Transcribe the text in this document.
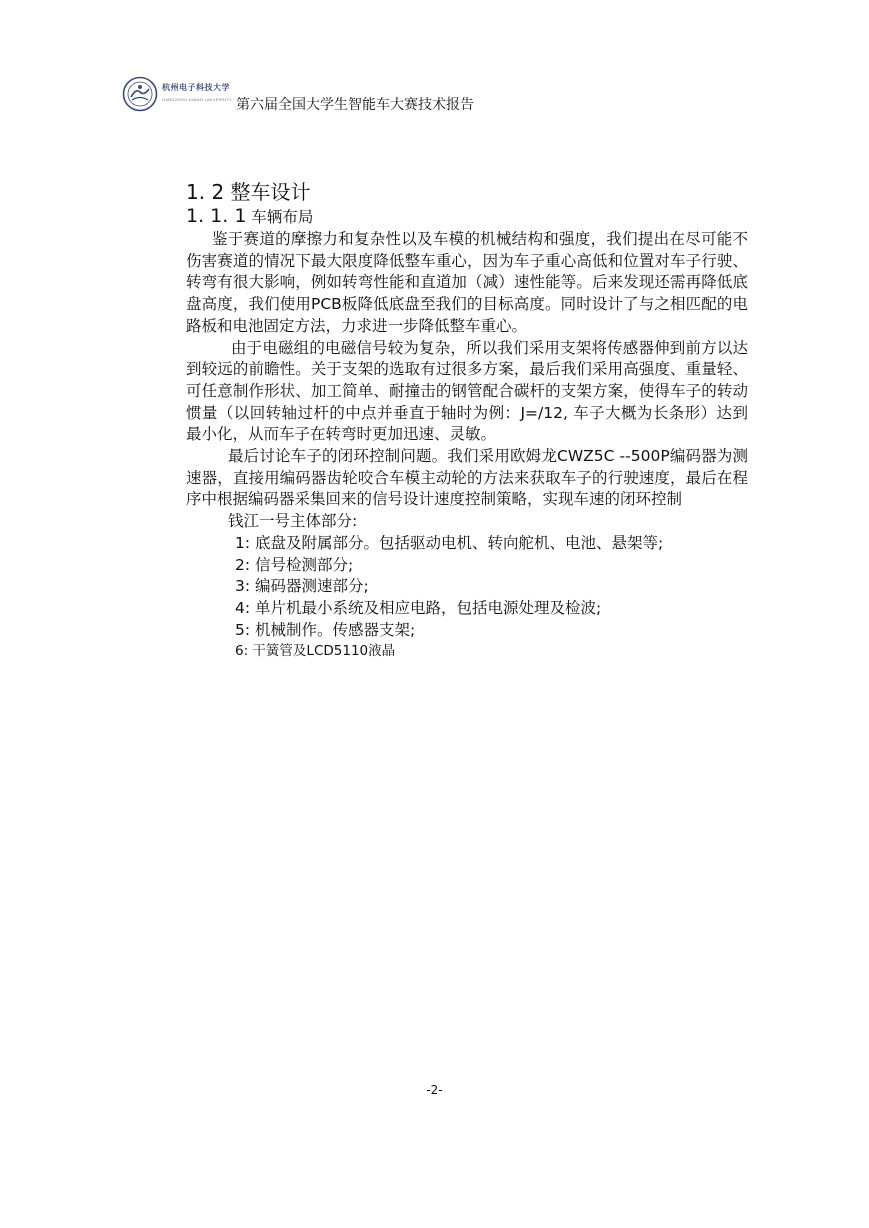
杭州电子科技大学
HANGZHOU DIANZI UNIVERSITY 第六届全国大学生智能车大赛技术报告
1. 2 整车设计
1. 1. 1 车辆布局

鉴于赛道的摩擦力和复杂性以及车模的机械结构和强度，我们提出在尽可能不伤害赛道的情况下最大限度降低整车重心，因为车子重心高低和位置对车子行驶、转弯有很大影响，例如转弯性能和直道加（减）速性能等。后来发现还需再降低底盘高度，我们使用PCB板降低底盘至我们的目标高度。同时设计了与之相匹配的电路板和电池固定方法，力求进一步降低整车重心。

由于电磁组的电磁信号较为复杂，所以我们采用支架将传感器伸到前方以达到较远的前瞻性。关于支架的选取有过很多方案，最后我们采用高强度、重量轻、可任意制作形状、加工简单、耐撞击的钢管配合碳杆的支架方案，使得车子的转动惯量（以回转轴过杆的中点并垂直于轴时为例：J=/12, 车子大概为长条形）达到最小化，从而车子在转弯时更加迅速、灵敏。

最后讨论车子的闭环控制问题。我们采用欧姆龙CWZ5C --500P编码器为测速器，直接用编码器齿轮咬合车模主动轮的方法来获取车子的行驶速度，最后在程序中根据编码器采集回来的信号设计速度控制策略，实现车速的闭环控制

钱江一号主体部分:

1: 底盘及附属部分。包括驱动电机、转向舵机、电池、悬架等;
2: 信号检测部分;
3: 编码器测速部分;
4: 单片机最小系统及相应电路，包括电源处理及检波;
5: 机械制作。传感器支架;
6: 干簧管及LCD5110液晶
-2-
